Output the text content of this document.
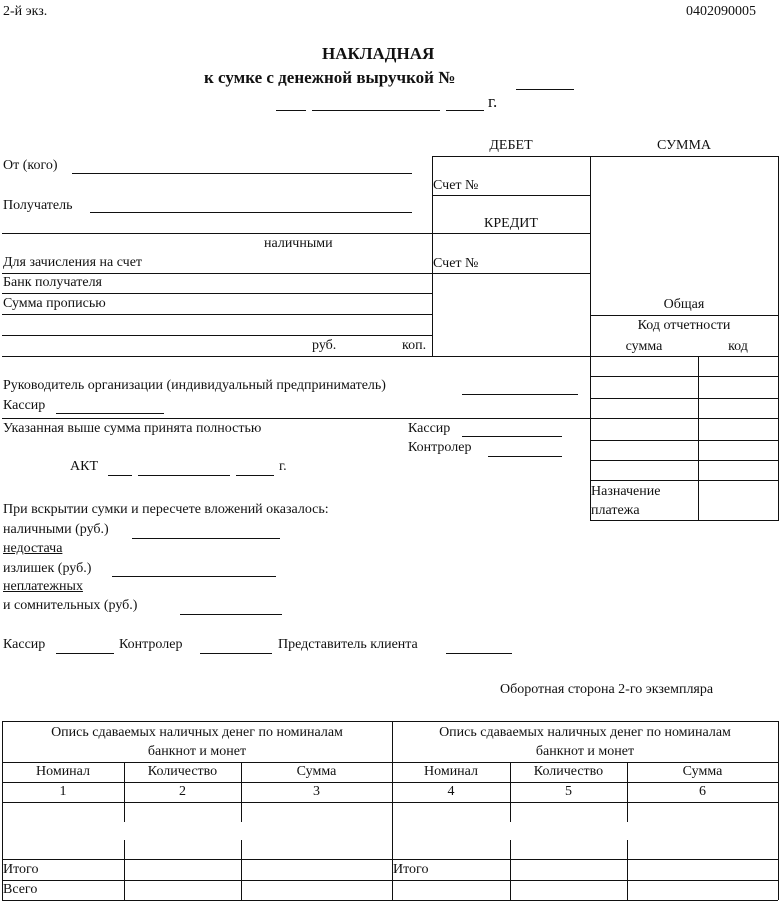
2-й экз.	0402090005
НАКЛАДНАЯ
к сумке с денежной выручкой №
г.
ДЕБЕТ	СУММА
Счет №
КРЕДИТ
Счет №
Общая
Код отчетности
сумма	код
Назначение
платежа
От (кого)
Получатель
наличными
Для зачисления на счет
Банк получателя
Сумма прописью
руб.	коп.
Руководитель организации (индивидуальный предприниматель)
Кассир
Указанная выше сумма принята полностью	Кассир
Контролер
АКТ	г.
При вскрытии сумки и пересчете вложений оказалось:
наличными (руб.)
недостача
излишек (руб.)
неплатежных
и сомнительных (руб.)
Кассир	Контролер	Представитель клиента
Оборотная сторона 2-го экземпляра
Опись сдаваемых наличных денег по номиналам
банкнот и монет
Опись сдаваемых наличных денег по номиналам
банкнот и монет
Номинал	Количество	Сумма	Номинал	Количество	Сумма
1	2	3	4	5	6
Итого	Итого
Всего
